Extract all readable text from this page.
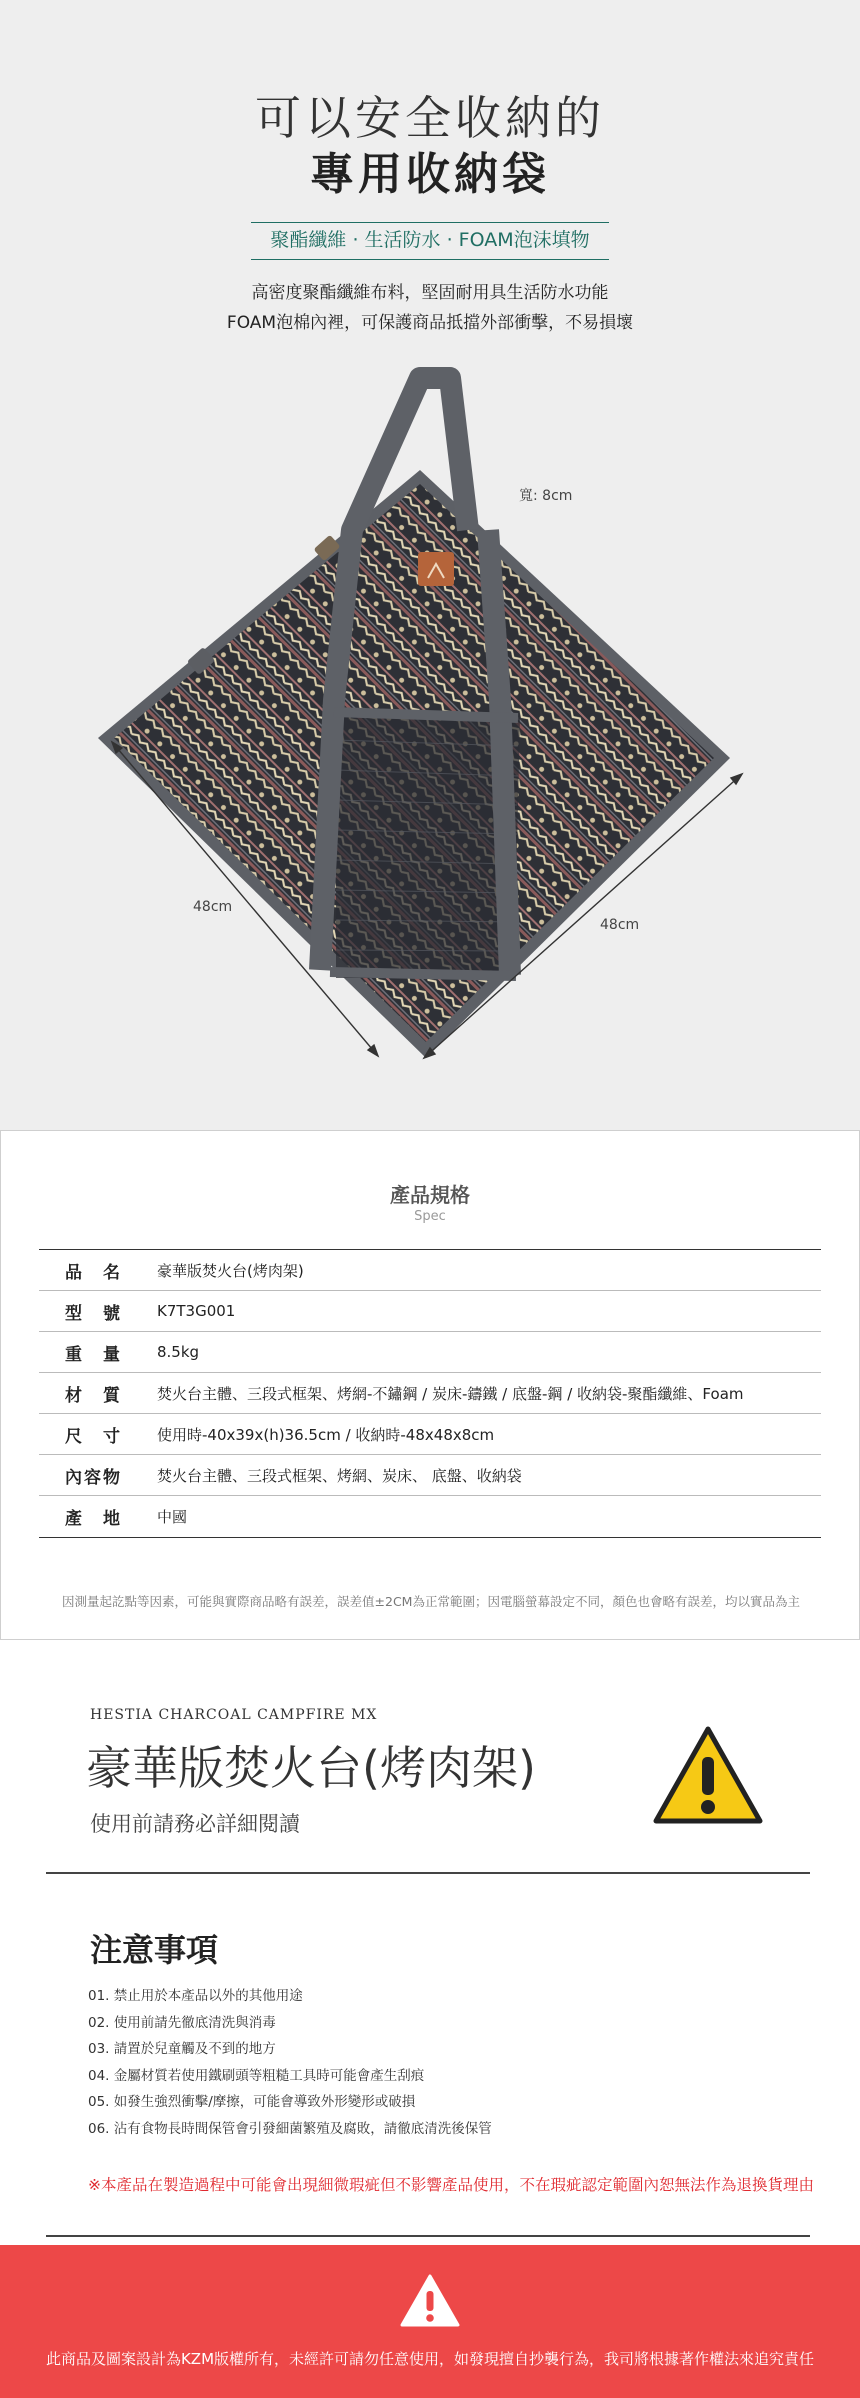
可以安全收納的
專用收納袋
聚酯纖維 · 生活防水 · FOAM泡沫填物
高密度聚酯纖維布料，堅固耐用具生活防水功能
FOAM泡棉內裡，可保護商品抵擋外部衝擊，不易損壞
寬: 8cm
48cm
48cm
產品規格
Spec
品　名	豪華版焚火台(烤肉架)
型　號	K7T3G001
重　量	8.5kg
材　質	焚火台主體、三段式框架、烤網-不鏽鋼 / 炭床-鑄鐵 / 底盤-鋼 / 收納袋-聚酯纖維、Foam
尺　寸	使用時-40x39x(h)36.5cm / 收納時-48x48x8cm
內容物	焚火台主體、三段式框架、烤網、炭床、 底盤、收納袋
產　地	中國
因測量起訖點等因素，可能與實際商品略有誤差，誤差值±2CM為正常範圍；因電腦螢幕設定不同，顏色也會略有誤差，均以實品為主
HESTIA CHARCOAL CAMPFIRE MX
豪華版焚火台(烤肉架)
使用前請務必詳細閱讀
注意事項
01. 禁止用於本產品以外的其他用途
02. 使用前請先徹底清洗與消毒
03. 請置於兒童觸及不到的地方
04. 金屬材質若使用鐵刷頭等粗糙工具時可能會產生刮痕
05. 如發生強烈衝擊/摩擦，可能會導致外形變形或破損
06. 沾有食物長時間保管會引發細菌繁殖及腐敗，請徹底清洗後保管
※本產品在製造過程中可能會出現細微瑕疵但不影響產品使用，不在瑕疵認定範圍內恕無法作為退換貨理由
此商品及圖案設計為KZM版權所有，未經許可請勿任意使用，如發現擅自抄襲行為，我司將根據著作權法來追究責任
